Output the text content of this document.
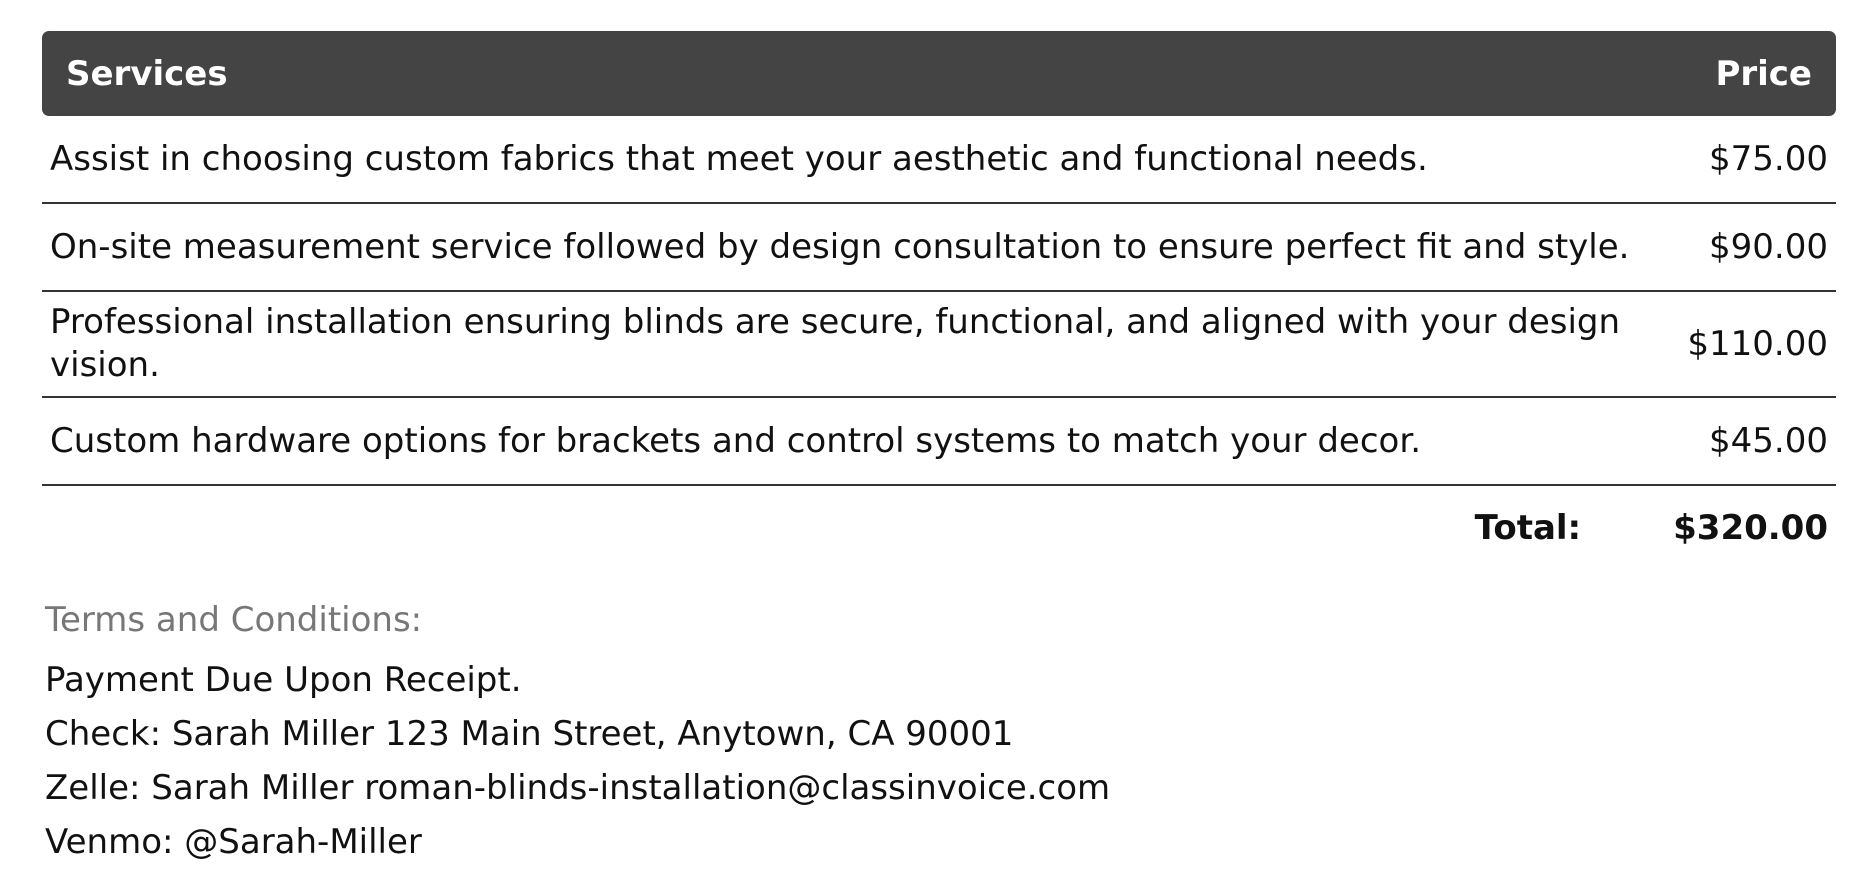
Services	Price
Assist in choosing custom fabrics that meet your aesthetic and functional needs.	$75.00
On-site measurement service followed by design consultation to ensure perfect fit and style.	$90.00
Professional installation ensuring blinds are secure, functional, and aligned with your design vision.	$110.00
Custom hardware options for brackets and control systems to match your decor.	$45.00
Total:	$320.00
Terms and Conditions:
Payment Due Upon Receipt.
Check: Sarah Miller 123 Main Street, Anytown, CA 90001
Zelle: Sarah Miller roman-blinds-installation@classinvoice.com
Venmo: @Sarah-Miller
